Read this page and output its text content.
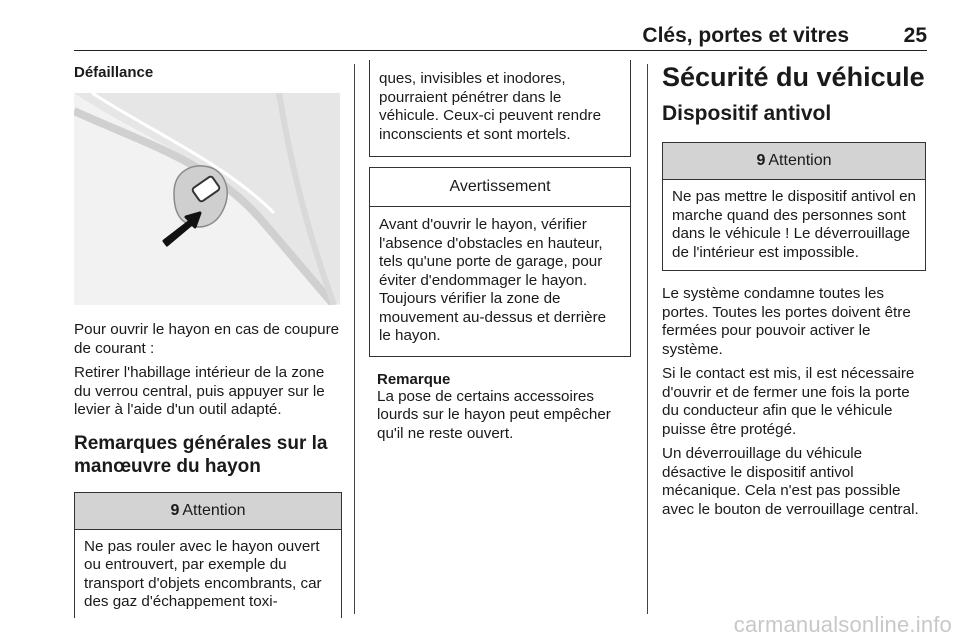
Clés, portes et vitres	25
Défaillance

Pour ouvrir le hayon en cas de coupure de courant :

Retirer l'habillage intérieur de la zone du verrou central, puis appuyer sur le levier à l'aide d'un outil adapté.

Remarques générales sur la manœuvre du hayon
9 Attention

Ne pas rouler avec le hayon ouvert ou entrouvert, par exemple du transport d'objets encombrants, car des gaz d'échappement toxi-

ques, invisibles et inodores, pourraient pénétrer dans le véhicule. Ceux-ci peuvent rendre inconscients et sont mortels.

Avertissement

Avant d'ouvrir le hayon, vérifier l'absence d'obstacles en hauteur, tels qu'une porte de garage, pour éviter d'endommager le hayon. Toujours vérifier la zone de mouvement au-dessus et derrière le hayon.

Remarque

La pose de certains accessoires lourds sur le hayon peut empêcher qu'il ne reste ouvert.

Sécurité du véhicule
Dispositif antivol
9 Attention

Ne pas mettre le dispositif antivol en marche quand des personnes sont dans le véhicule ! Le déverrouillage de l'intérieur est impossible.

Le système condamne toutes les portes. Toutes les portes doivent être fermées pour pouvoir activer le système.

Si le contact est mis, il est nécessaire d'ouvrir et de fermer une fois la porte du conducteur afin que le véhicule puisse être protégé.

Un déverrouillage du véhicule désactive le dispositif antivol mécanique. Cela n'est pas possible avec le bouton de verrouillage central.

carmanualsonline.info
